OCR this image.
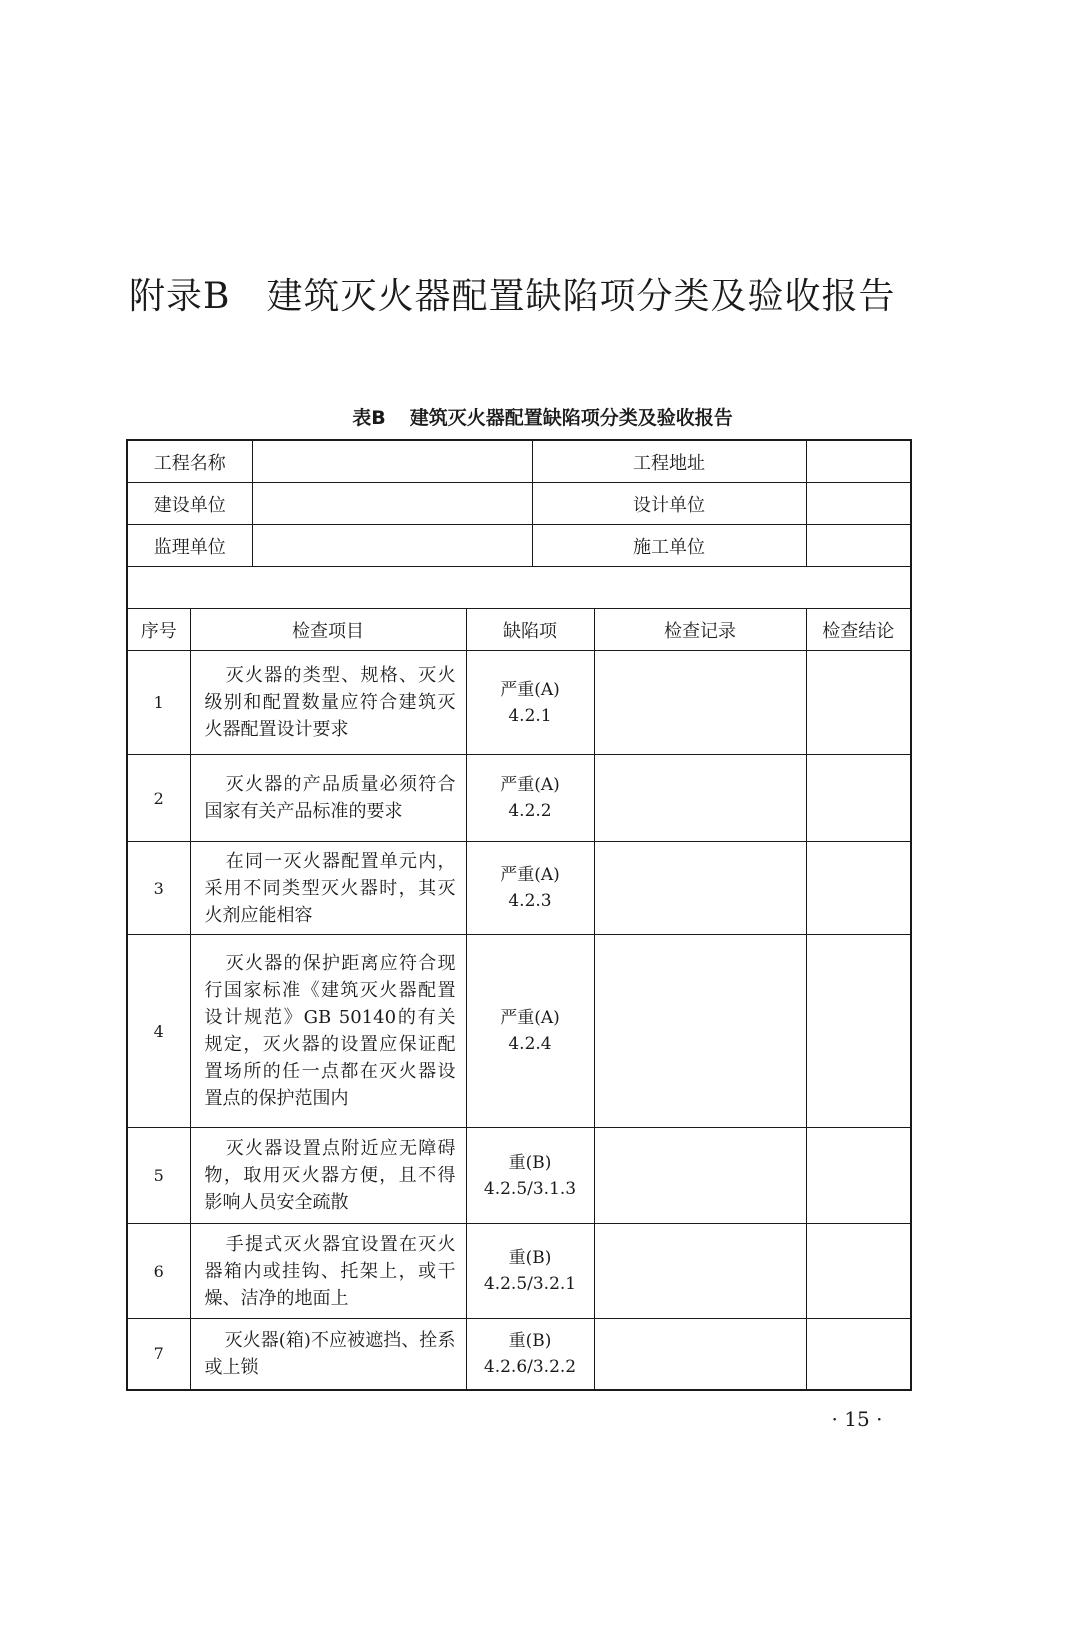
附录B 建筑灭火器配置缺陷项分类及验收报告
表B 建筑灭火器配置缺陷项分类及验收报告
工程名称				工程地址		
建设单位				设计单位		
监理单位				施工单位		

序号	检查项目		缺陷项		检查记录	检查结论
1	灭火器的类型、规格、灭火级别和配置数量应符合建筑灭火器配置设计要求		严重(A)
4.2.1			

2	灭火器的产品质量必须符合国家有关产品标准的要求		严重(A)
4.2.2			

3	在同一灭火器配置单元内，采用不同类型灭火器时，其灭火剂应能相容		严重(A)
4.2.3			

4	灭火器的保护距离应符合现行国家标准《建筑灭火器配置设计规范》GB 50140的有关规定，灭火器的设置应保证配置场所的任一点都在灭火器设置点的保护范围内		严重(A)
4.2.4			

5	灭火器设置点附近应无障碍物，取用灭火器方便，且不得影响人员安全疏散		重(B)
4.2.5/3.1.3			

6	手提式灭火器宜设置在灭火器箱内或挂钩、托架上，或干燥、洁净的地面上		重(B)
4.2.5/3.2.1			

7	灭火器(箱)不应被遮挡、拴系或上锁		重(B)
4.2.6/3.2.2			

· 15 ·
